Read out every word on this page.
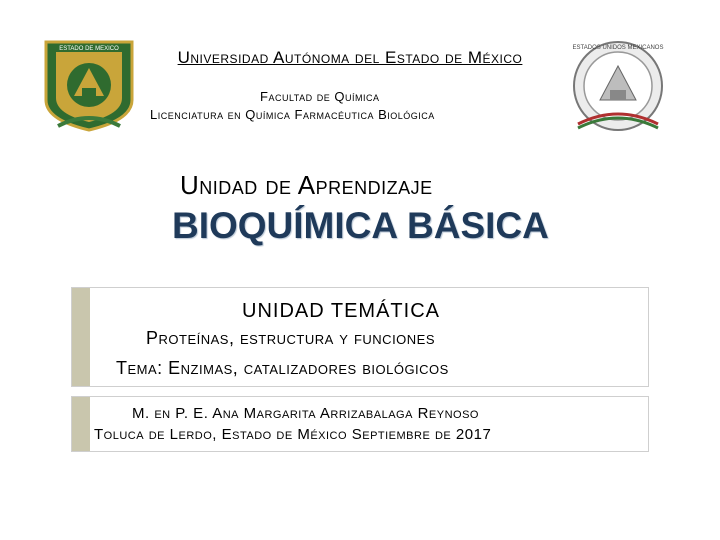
ESTADO DE MEXICO	ESTADOS UNIDOS MEXICANOS
Universidad Autónoma del Estado de México
Facultad de Química
Licenciatura en Química Farmacéutica Biológica
Unidad de Aprendizaje
BIOQUÍMICA BÁSICA
UNIDAD TEMÁTICA
Proteínas, estructura y funciones
Tema: Enzimas, catalizadores biológicos
M. en P. E. Ana Margarita Arrizabalaga Reynoso
Toluca de Lerdo, Estado de México Septiembre de 2017
